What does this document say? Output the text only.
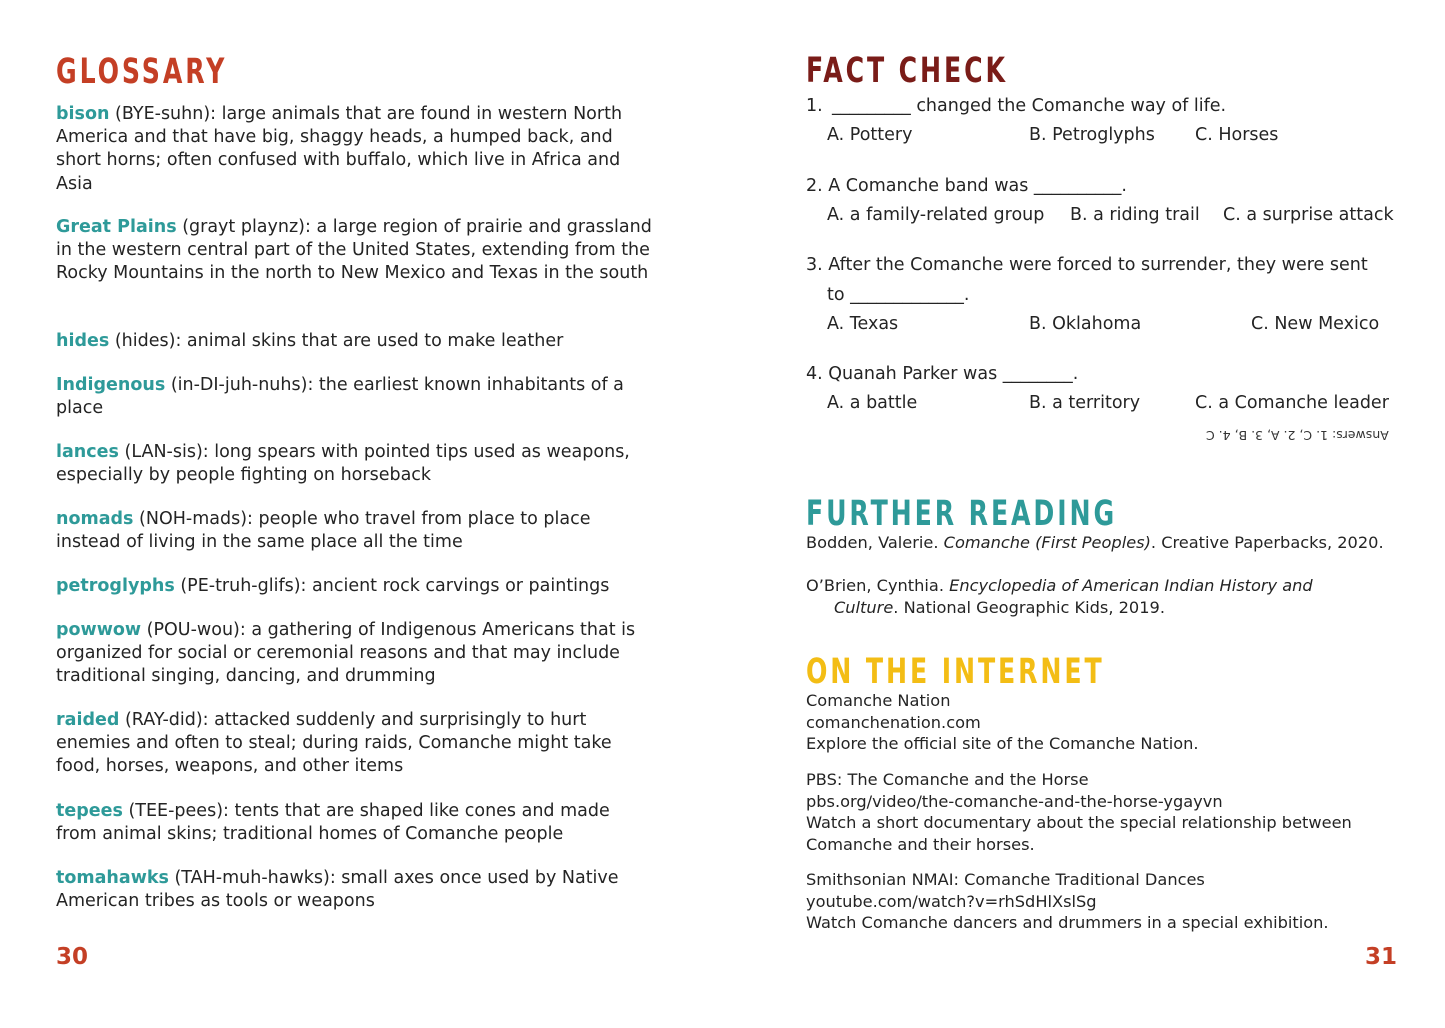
GLOSSARY
bison (BYE-suhn): large animals that are found in western North America and that have big, shaggy heads, a humped back, and short horns; often confused with buffalo, which live in Africa and Asia
Great Plains (grayt playnz): a large region of prairie and grassland in the western central part of the United States, extending from the Rocky Mountains in the north to New Mexico and Texas in the south
hides (hides): animal skins that are used to make leather
Indigenous (in-DI-juh-nuhs): the earliest known inhabitants of a place
lances (LAN-sis): long spears with pointed tips used as weapons, especially by people fighting on horseback
nomads (NOH-mads): people who travel from place to place instead of living in the same place all the time
petroglyphs (PE-truh-glifs): ancient rock carvings or paintings
powwow (POU-wou): a gathering of Indigenous Americans that is organized for social or ceremonial reasons and that may include traditional singing, dancing, and drumming
raided (RAY-did): attacked suddenly and surprisingly to hurt enemies and often to steal; during raids, Comanche might take food, horses, weapons, and other items
tepees (TEE-pees): tents that are shaped like cones and made from animal skins; traditional homes of Comanche people
tomahawks (TAH-muh-hawks): small axes once used by Native American tribes as tools or weapons
30
FACT CHECK
1. _________ changed the Comanche way of life.
A. Pottery	B. Petroglyphs C. Horses
2. A Comanche band was __________.
A. a family-related group B. a riding trail C. a surprise attack
3. After the Comanche were forced to surrender, they were sent
to _____________.
A. Texas	B. Oklahoma	C. New Mexico
4. Quanah Parker was ________.
A. a battle	B. a territory	C. a Comanche leader
Answers: 1. C, 2. A, 3. B, 4. C
FURTHER READING
Bodden, Valerie. Comanche (First Peoples). Creative Paperbacks, 2020.
O’Brien, Cynthia. Encyclopedia of American Indian History and
Culture. National Geographic Kids, 2019.
ON THE INTERNET
Comanche Nation
comanchenation.com
Explore the official site of the Comanche Nation.
PBS: The Comanche and the Horse
pbs.org/video/the-comanche-and-the-horse-ygayvn
Watch a short documentary about the special relationship between
Comanche and their horses.
Smithsonian NMAI: Comanche Traditional Dances
youtube.com/watch?v=rhSdHlXslSg
Watch Comanche dancers and drummers in a special exhibition.
31
